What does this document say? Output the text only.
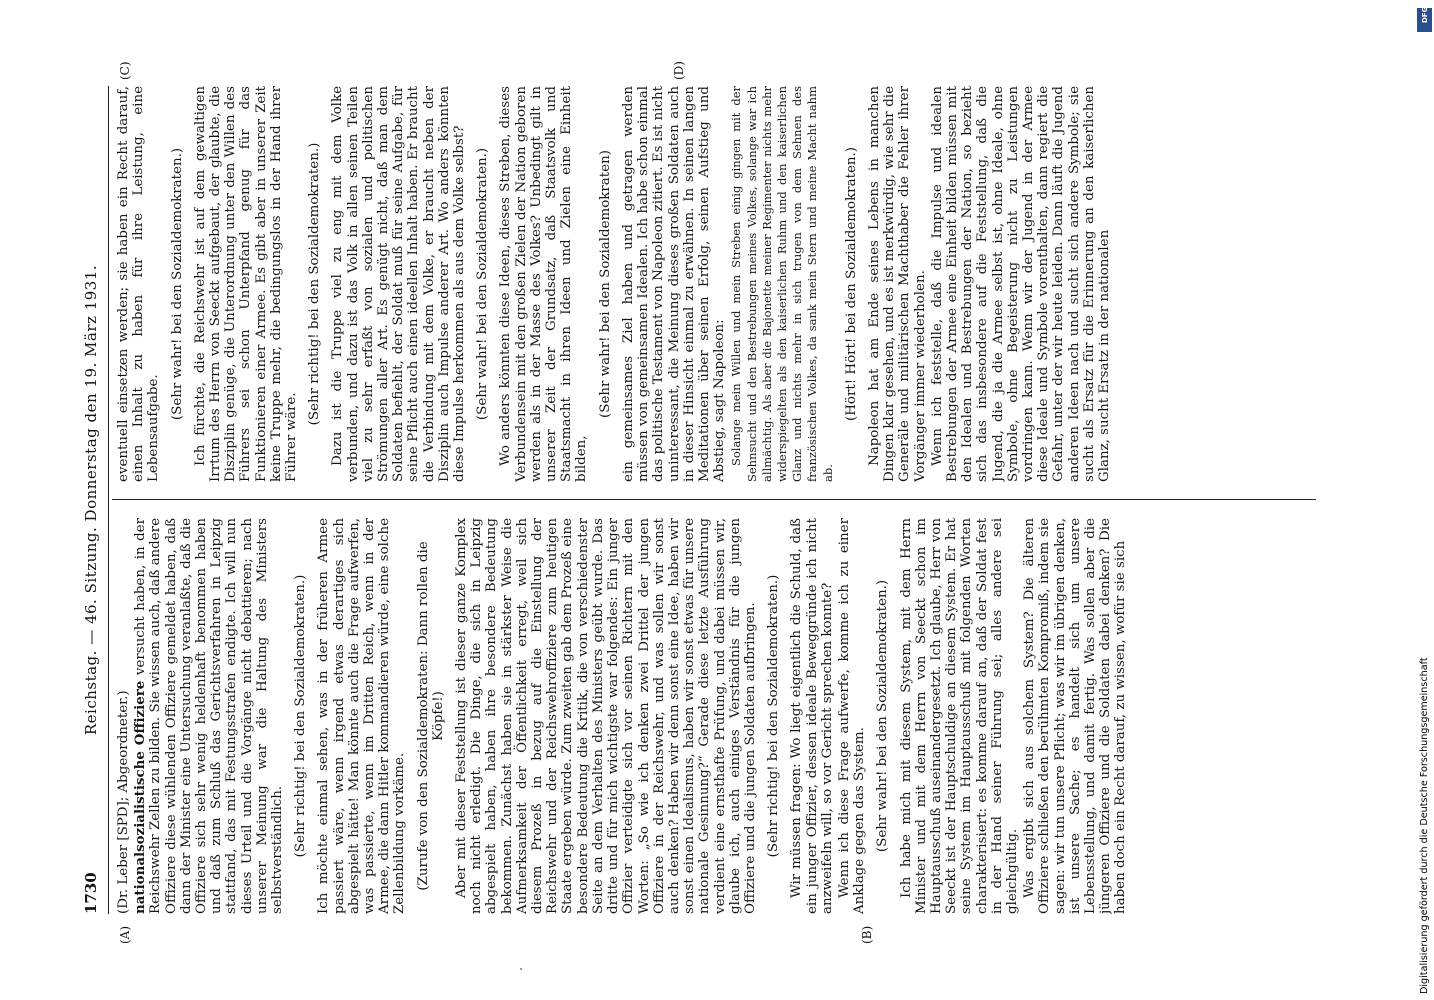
1730
Reichstag. — 46. Sitzung. Donnerstag den 19. März 1931.

(Dr. Leber [SPD]; Abgeordneter.) nationalsozialistische Offiziere versucht haben, in der Reichswehr Zellen zu bilden. Sie wissen auch, daß andere Offiziere diese wühlenden Offiziere gemeldet haben, daß dann der Minister eine Untersuchung veranlaßte, daß die Offiziere sich sehr wenig heldenhaft benommen haben und daß zum Schluß das Gerichtsverfahren in Leipzig stattfand, das mit Festungsstrafen endigte. Ich will nun dieses Urteil und die Vorgänge nicht debattieren; nach unserer Meinung war die Haltung des Ministers selbstverständlich. (Sehr richtig! bei den Sozialdemokraten.) Ich möchte einmal sehen, was in der früheren Armee passiert wäre, wenn irgend etwas derartiges sich abgespielt hätte! Man könnte auch die Frage aufwerfen, was passierte, wenn im Dritten Reich, wenn in der Armee, die dann Hitler kommandieren würde, eine solche Zellenbildung vorkäme. (Zurufe von den Sozialdemokraten: Dann rollen die Köpfe!) Aber mit dieser Feststellung ist dieser ganze Komplex noch nicht erledigt. Die Dinge, die sich in Leipzig abgespielt haben, haben ihre besondere Bedeutung bekommen. Zunächst haben sie in stärkster Weise die Aufmerksamkeit der Öffentlichkeit erregt, weil sich diesem Prozeß in bezug auf die Einstellung der Reichswehr und der Reichswehroffiziere zum heutigen Staate ergeben würde. Zum zweiten gab dem Prozeß eine besondere Bedeutung die Kritik, die von verschiedenster Seite an dem Verhalten des Ministers geübt wurde. Das dritte und für mich wichtigste war folgendes: Ein junger Offizier verteidigte sich vor seinen Richtern mit den Worten: „So wie ich denken zwei Drittel der jungen Offiziere in der Reichswehr, und was sollen wir sonst auch denken? Haben wir denn sonst eine Idee, haben wir sonst einen Idealismus, haben wir sonst etwas für unsere nationale Gesinnung?“ Gerade diese letzte Ausführung verdient eine ernsthafte Prüfung, und dabei müssen wir, glaube ich, auch einiges Verständnis für die jungen Offiziere und die jungen Soldaten aufbringen. (Sehr richtig! bei den Sozialdemokraten.) Wir müssen fragen: Wo liegt eigentlich die Schuld, daß ein junger Offizier, dessen ideale Beweggründe ich nicht anzweifeln will, so vor Gericht sprechen konnte? Wenn ich diese Frage aufwerfe, komme ich zu einer Anklage gegen das System. (Sehr wahr! bei den Sozialdemokraten.) Ich habe mich mit diesem System, mit dem Herrn Minister und mit dem Herrn von Seeckt schon im Hauptausschuß auseinandergesetzt. Ich glaube, Herr von Seeckt ist der Hauptschuldige an diesem System. Er hat seine System im Hauptausschuß mit folgenden Worten charakterisiert: es komme darauf an, daß der Soldat fest in der Hand seiner Führung sei; alles andere sei gleichgültig. Was ergibt sich aus solchem System? Die älteren Offiziere schließen den berühmten Kompromiß, indem sie sagen: wir tun unsere Pflicht; was wir im übrigen denken, ist unsere Sache; es handelt sich um unsere Lebensstellung, und damit fertig. Was sollen aber die jüngeren Offiziere und die Soldaten dabei denken? Die haben doch ein Recht darauf, zu wissen, wofür sie sich

eventuell einsetzen werden; sie haben ein Recht darauf, einen Inhalt zu haben für ihre Leistung, eine Lebensaufgabe.

(Sehr wahr! bei den Sozialdemokraten.) Ich fürchte, die Reichswehr ist auf dem gewaltigen Irrtum des Herrn von Seeckt aufgebaut, der glaubte, die Disziplin genüge, die Unterordnung unter den Willen des Führers sei schon Unterpfand genug für das Funktionieren einer Armee. Es gibt aber in unserer Zeit keine Truppe mehr, die bedingungslos in der Hand ihrer Führer wäre.

(Sehr richtig! bei den Sozialdemokraten.) Dazu ist die Truppe viel zu eng mit dem Volke verbunden, und dazu ist das Volk in allen seinen Teilen viel zu sehr erfaßt von sozialen und politischen Strömungen aller Art. Es genügt nicht, daß man dem Soldaten befiehlt, der Soldat muß für seine Aufgabe, für seine Pflicht auch einen ideellen Inhalt haben. Er braucht die Verbindung mit dem Volke, er braucht neben der Disziplin auch Impulse anderer Art. Wo anders könnten diese Impulse herkommen als aus dem Volke selbst? (Sehr wahr! bei den Sozialdemokraten.) Wo anders könnten diese Ideen, dieses Streben, dieses Verbundensein mit den großen Zielen der Nation geboren werden als in der Masse des Volkes? Unbedingt gilt in unserer Zeit der Grundsatz, daß Staatsvolk und Staatsmacht in ihren Ideen und Zielen eine Einheit bilden,

(Sehr wahr! bei den Sozialdemokraten) ein gemeinsames Ziel haben und getragen werden müssen von gemeinsamen Idealen. Ich habe schon einmal das politische Testament von Napoleon zitiert. Es ist nicht uninteressant, die Meinung dieses großen Soldaten auch in dieser Hinsicht einmal zu erwähnen. In seinen langen Meditationen über seinen Erfolg, seinen Aufstieg und Abstieg, sagt Napoleon: Solange mein Willen und mein Streben einig gingen mit der Sehnsucht und den Bestrebungen meines Volkes, solange war ich allmächtig. Als aber die Bajonette meiner Regimenter nichts mehr widerspiegelten als den kaiserlichen Ruhm und den kaiserlichen Glanz und nichts mehr in sich trugen von dem Sehnen des französischen Volkes, da sank mein Stern und meine Macht nahm ab.

(Hört! Hört! bei den Sozialdemokraten.) Napoleon hat am Ende seines Lebens in manchen Dingen klar gesehen, und es ist merkwürdig, wie sehr die Generäle und militärischen Machthaber die Fehler ihrer Vorgänger immer wiederholen. Wenn ich feststelle, daß die Impulse und idealen Bestrebungen der Armee eine Einheit bilden müssen mit den Idealen und Bestrebungen der Nation, so bezieht sich das insbesondere auf die Feststellung, daß die Jugend, die ja die Armee selbst ist, ohne Ideale, ohne Symbole, ohne Begeisterung nicht zu Leistungen vordringen kann. Wenn wir der Jugend in der Armee diese Ideale und Symbole vorenthalten, dann regiert die Gefahr, unter der wir heute leiden. Dann läuft die Jugend anderen Ideen nach und sucht sich andere Symbole; sie sucht als Ersatz für die Erinnerung an den kaiserlichen Glanz, sucht Ersatz in der nationalen

(A)	(B)
(C)	(D)
DFG
Digitalisierung gefördert durch die Deutsche Forschungsgemeinschaft
